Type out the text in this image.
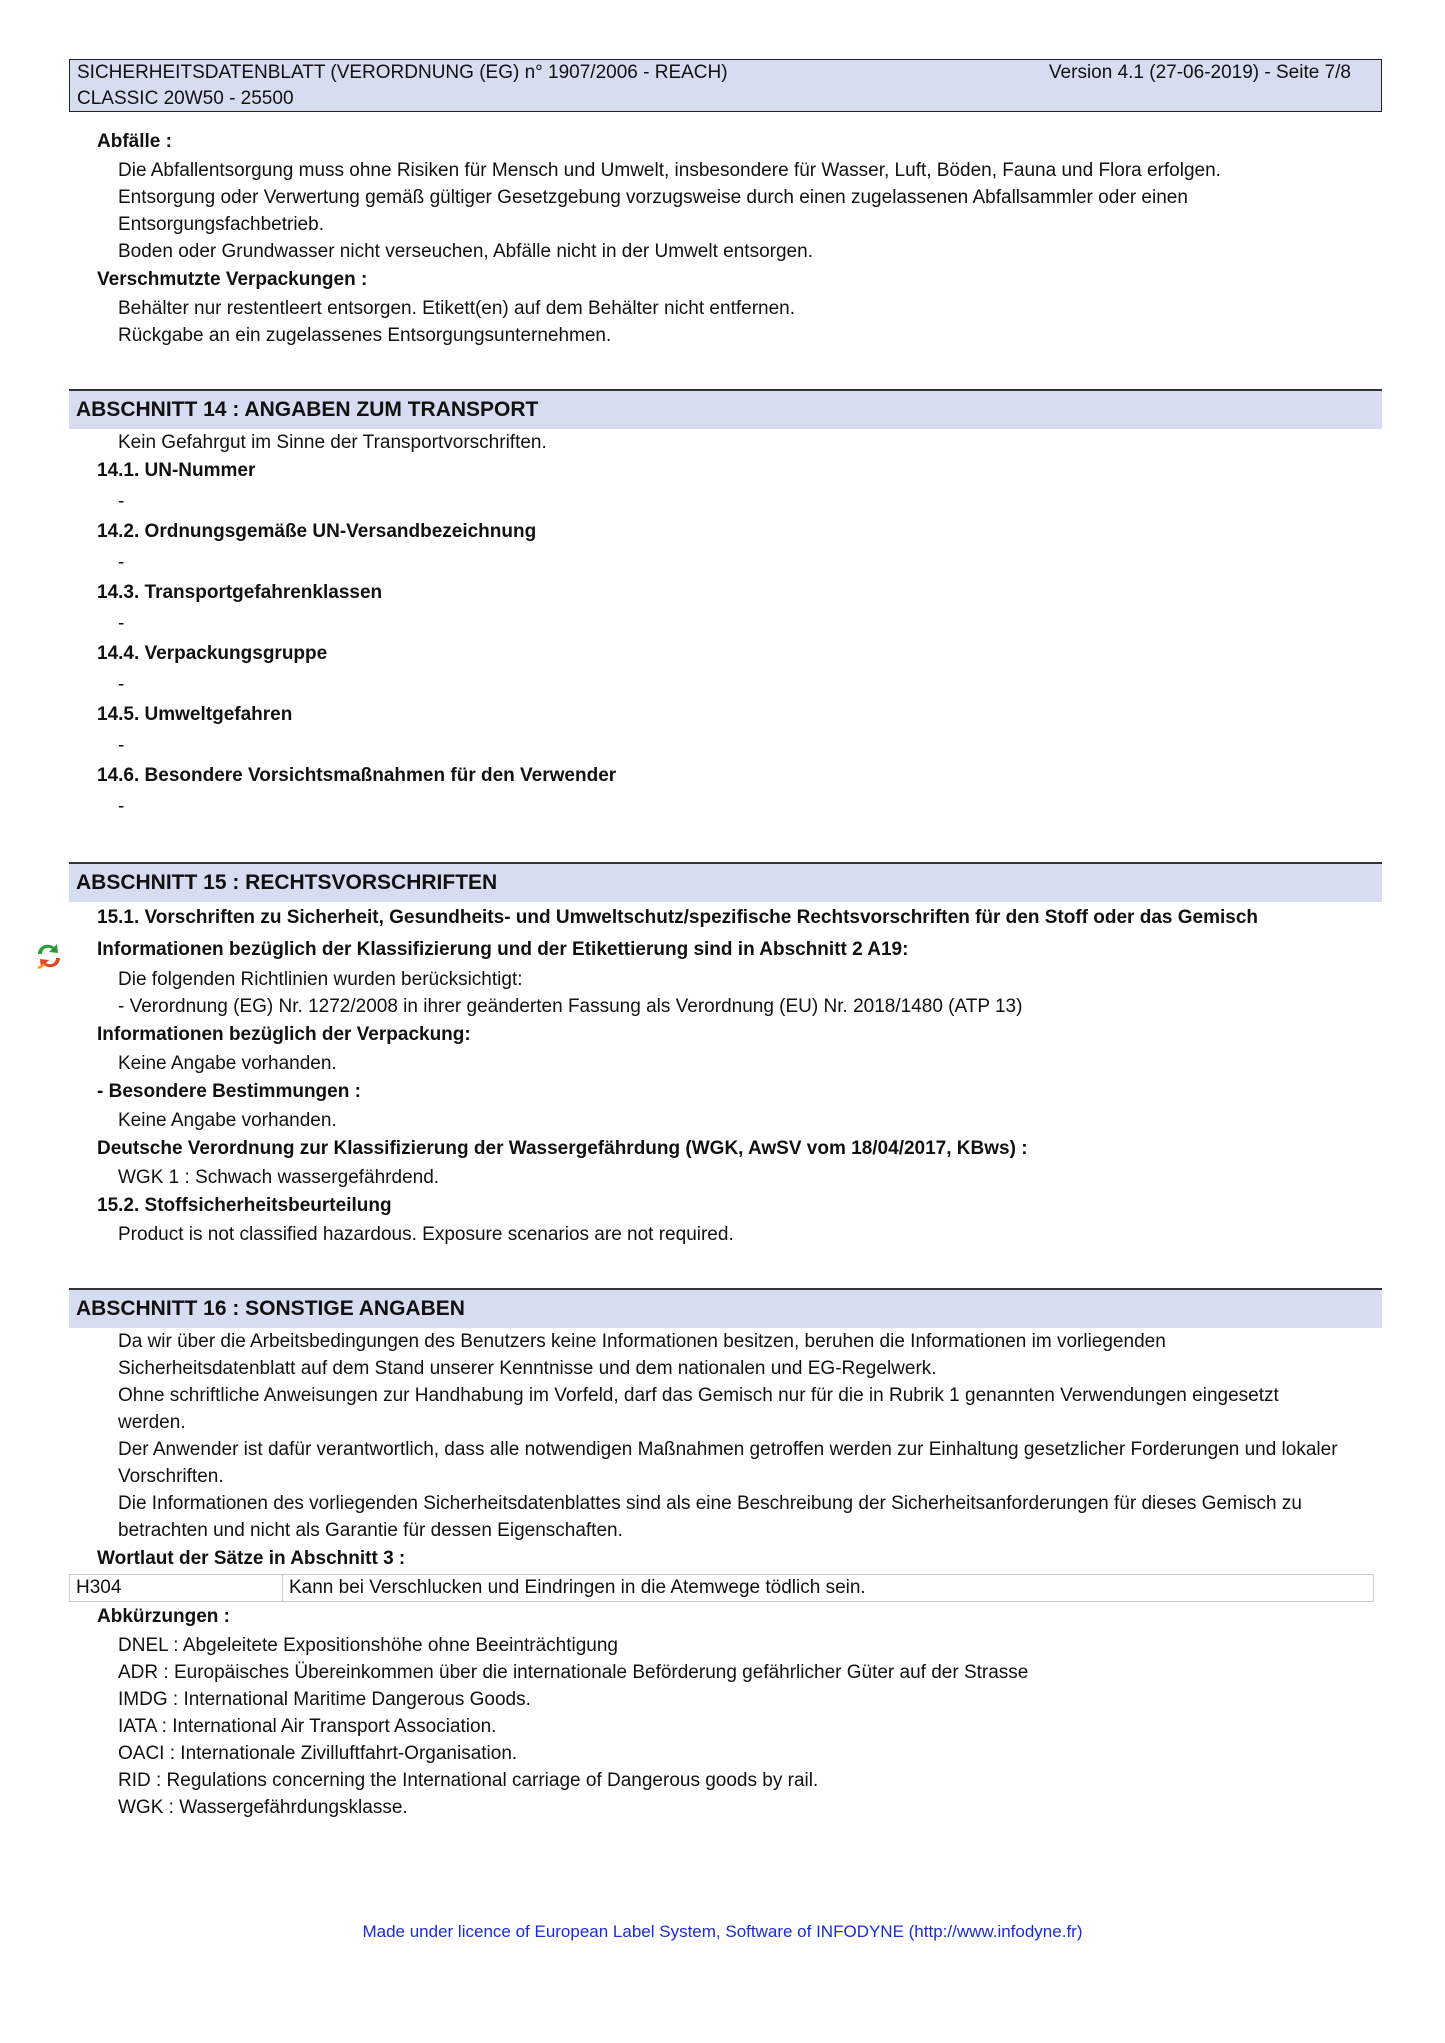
SICHERHEITSDATENBLATT (VERORDNUNG (EG) n° 1907/2006 - REACH)	Version 4.1 (27-06-2019) - Seite 7/8
CLASSIC 20W50 - 25500
Abfälle :
Die Abfallentsorgung muss ohne Risiken für Mensch und Umwelt, insbesondere für Wasser, Luft, Böden, Fauna und Flora erfolgen.
Entsorgung oder Verwertung gemäß gültiger Gesetzgebung vorzugsweise durch einen zugelassenen Abfallsammler oder einen
Entsorgungsfachbetrieb.
Boden oder Grundwasser nicht verseuchen, Abfälle nicht in der Umwelt entsorgen.
Verschmutzte Verpackungen :
Behälter nur restentleert entsorgen. Etikett(en) auf dem Behälter nicht entfernen.
Rückgabe an ein zugelassenes Entsorgungsunternehmen.
ABSCHNITT 14 : ANGABEN ZUM TRANSPORT
Kein Gefahrgut im Sinne der Transportvorschriften.
14.1. UN-Nummer
-
14.2. Ordnungsgemäße UN-Versandbezeichnung
-
14.3. Transportgefahrenklassen
-
14.4. Verpackungsgruppe
-
14.5. Umweltgefahren
-
14.6. Besondere Vorsichtsmaßnahmen für den Verwender
-
ABSCHNITT 15 : RECHTSVORSCHRIFTEN
15.1. Vorschriften zu Sicherheit, Gesundheits- und Umweltschutz/spezifische Rechtsvorschriften für den Stoff oder das Gemisch
Informationen bezüglich der Klassifizierung und der Etikettierung sind in Abschnitt 2 A19:
Die folgenden Richtlinien wurden berücksichtigt:
- Verordnung (EG) Nr. 1272/2008 in ihrer geänderten Fassung als Verordnung (EU) Nr. 2018/1480 (ATP 13)
Informationen bezüglich der Verpackung:
Keine Angabe vorhanden.
- Besondere Bestimmungen :
Keine Angabe vorhanden.
Deutsche Verordnung zur Klassifizierung der Wassergefährdung (WGK, AwSV vom 18/04/2017, KBws) :
WGK 1 : Schwach wassergefährdend.
15.2. Stoffsicherheitsbeurteilung
Product is not classified hazardous. Exposure scenarios are not required.
ABSCHNITT 16 : SONSTIGE ANGABEN
Da wir über die Arbeitsbedingungen des Benutzers keine Informationen besitzen, beruhen die Informationen im vorliegenden
Sicherheitsdatenblatt auf dem Stand unserer Kenntnisse und dem nationalen und EG-Regelwerk.
Ohne schriftliche Anweisungen zur Handhabung im Vorfeld, darf das Gemisch nur für die in Rubrik 1 genannten Verwendungen eingesetzt
werden.
Der Anwender ist dafür verantwortlich, dass alle notwendigen Maßnahmen getroffen werden zur Einhaltung gesetzlicher Forderungen und lokaler
Vorschriften.
Die Informationen des vorliegenden Sicherheitsdatenblattes sind als eine Beschreibung der Sicherheitsanforderungen für dieses Gemisch zu
betrachten und nicht als Garantie für dessen Eigenschaften.
Wortlaut der Sätze in Abschnitt 3 :
H304	Kann bei Verschlucken und Eindringen in die Atemwege tödlich sein.
Abkürzungen :
DNEL : Abgeleitete Expositionshöhe ohne Beeinträchtigung
ADR : Europäisches Übereinkommen über die internationale Beförderung gefährlicher Güter auf der Strasse
IMDG : International Maritime Dangerous Goods.
IATA : International Air Transport Association.
OACI : Internationale Zivilluftfahrt-Organisation.
RID : Regulations concerning the International carriage of Dangerous goods by rail.
WGK : Wassergefährdungsklasse.
Made under licence of European Label System, Software of INFODYNE (http://www.infodyne.fr)
